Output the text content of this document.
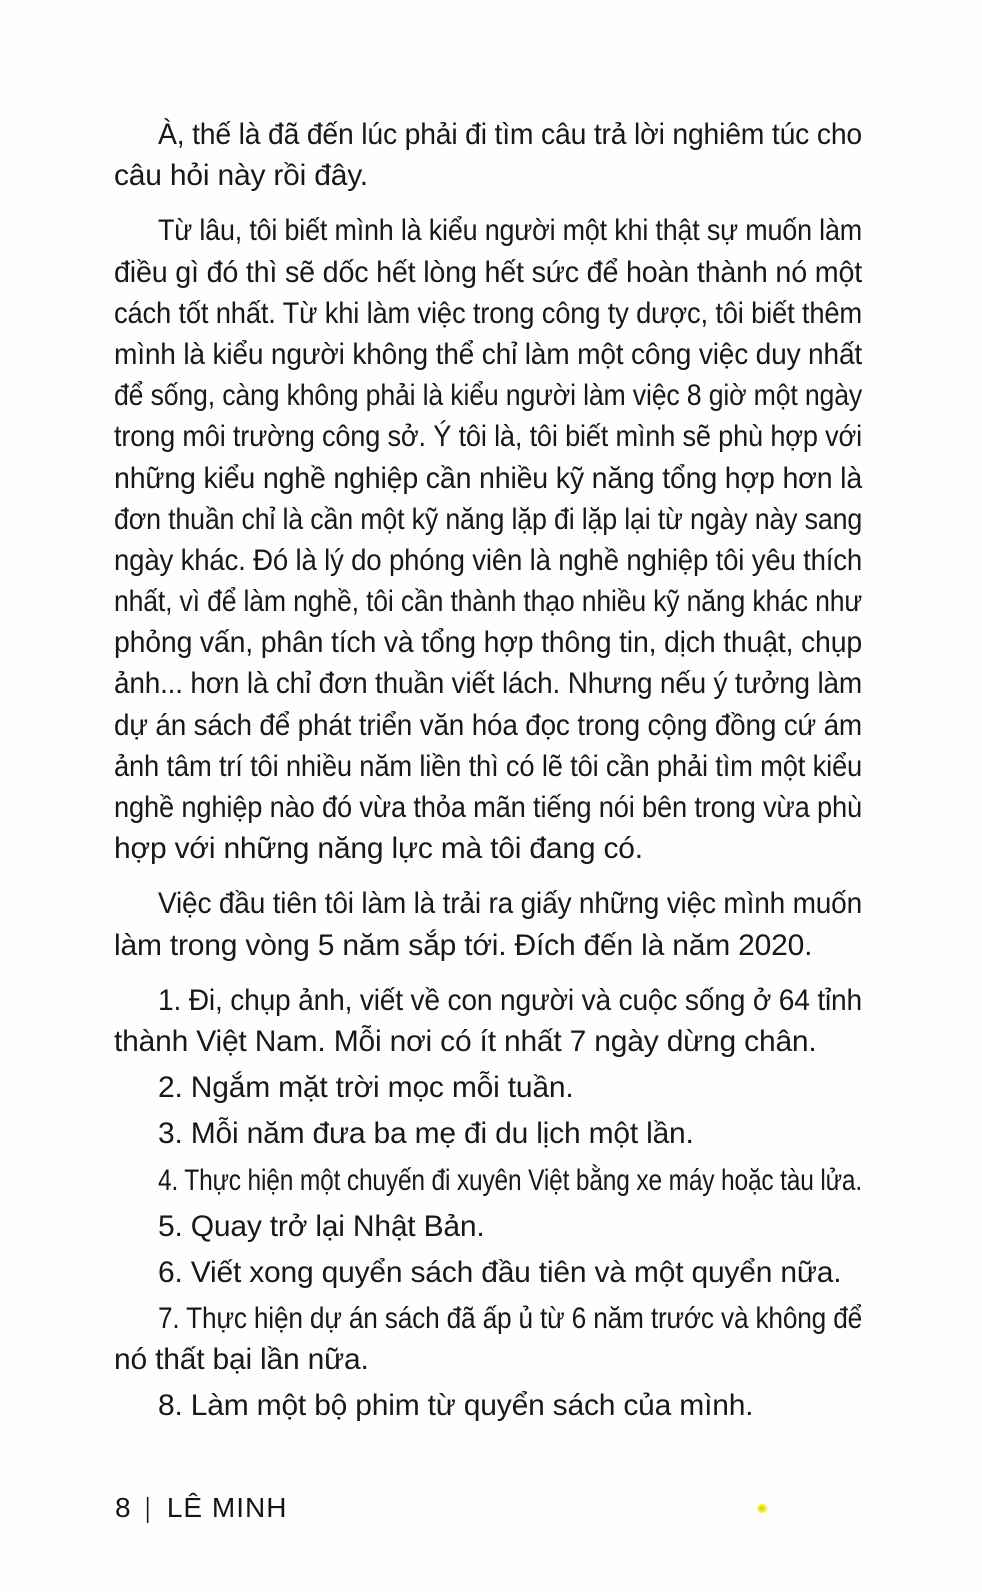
À, thế là đã đến lúc phải đi tìm câu trả lời nghiêm túc cho
câu hỏi này rồi đây.
Từ lâu, tôi biết mình là kiểu người một khi thật sự muốn làm
điều gì đó thì sẽ dốc hết lòng hết sức để hoàn thành nó một
cách tốt nhất. Từ khi làm việc trong công ty dược, tôi biết thêm
mình là kiểu người không thể chỉ làm một công việc duy nhất
để sống, càng không phải là kiểu người làm việc 8 giờ một ngày
trong môi trường công sở. Ý tôi là, tôi biết mình sẽ phù hợp với
những kiểu nghề nghiệp cần nhiều kỹ năng tổng hợp hơn là
đơn thuần chỉ là cần một kỹ năng lặp đi lặp lại từ ngày này sang
ngày khác. Đó là lý do phóng viên là nghề nghiệp tôi yêu thích
nhất, vì để làm nghề, tôi cần thành thạo nhiều kỹ năng khác như
phỏng vấn, phân tích và tổng hợp thông tin, dịch thuật, chụp
ảnh... hơn là chỉ đơn thuần viết lách. Nhưng nếu ý tưởng làm
dự án sách để phát triển văn hóa đọc trong cộng đồng cứ ám
ảnh tâm trí tôi nhiều năm liền thì có lẽ tôi cần phải tìm một kiểu
nghề nghiệp nào đó vừa thỏa mãn tiếng nói bên trong vừa phù
hợp với những năng lực mà tôi đang có.
Việc đầu tiên tôi làm là trải ra giấy những việc mình muốn
làm trong vòng 5 năm sắp tới. Đích đến là năm 2020.
1. Đi, chụp ảnh, viết về con người và cuộc sống ở 64 tỉnh
thành Việt Nam. Mỗi nơi có ít nhất 7 ngày dừng chân.
2. Ngắm mặt trời mọc mỗi tuần.
3. Mỗi năm đưa ba mẹ đi du lịch một lần.
4. Thực hiện một chuyến đi xuyên Việt bằng xe máy hoặc tàu lửa.
5. Quay trở lại Nhật Bản.
6. Viết xong quyển sách đầu tiên và một quyển nữa.
7. Thực hiện dự án sách đã ấp ủ từ 6 năm trước và không để
nó thất bại lần nữa.
8. Làm một bộ phim từ quyển sách của mình.
8 | LÊ MINH
